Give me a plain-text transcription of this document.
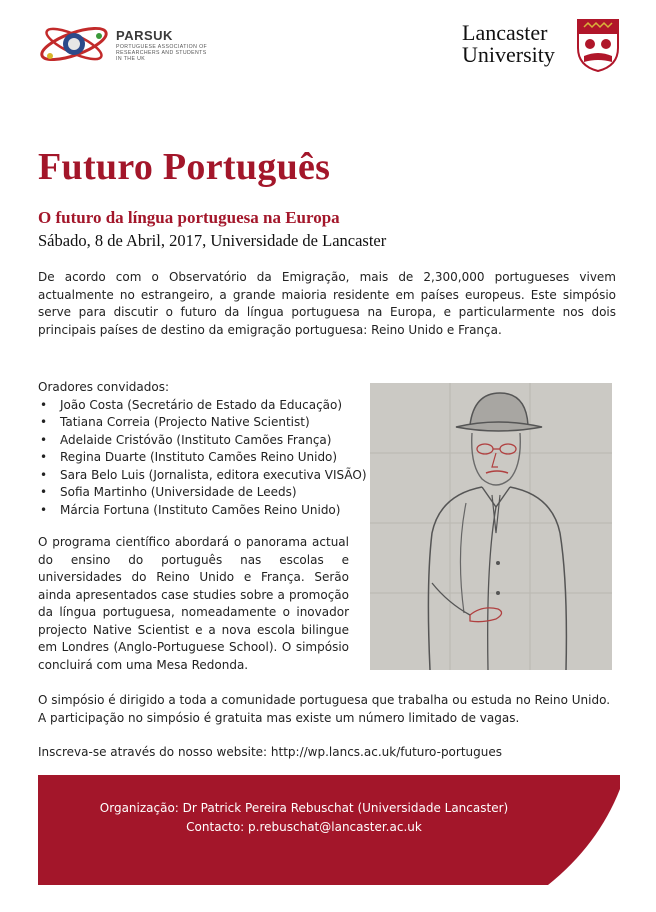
PARSUK
PORTUGUESE ASSOCIATION OF RESEARCHERS AND STUDENTS IN THE UK
Lancaster
University
Futuro Português
O futuro da língua portuguesa na Europa
Sábado, 8 de Abril, 2017, Universidade de Lancaster
De acordo com o Observatório da Emigração, mais de 2,300,000 portugueses vivem actualmente no estrangeiro, a grande maioria residente em países europeus. Este simpósio serve para discutir o futuro da língua portuguesa na Europa, e particularmente nos dois principais países de destino da emigração portuguesa: Reino Unido e França.
Oradores convidados:
• João Costa (Secretário de Estado da Educação)
• Tatiana Correia (Projecto Native Scientist)
• Adelaide Cristóvão (Instituto Camões França)
• Regina Duarte (Instituto Camões Reino Unido)
• Sara Belo Luis (Jornalista, editora executiva VISÃO)
• Sofia Martinho (Universidade de Leeds)
• Márcia Fortuna (Instituto Camões Reino Unido)
O programa científico abordará o panorama actual do ensino do português nas escolas e universidades do Reino Unido e França. Serão ainda apresentados case studies sobre a promoção da língua portuguesa, nomeadamente o inovador projecto Native Scientist e a nova escola bilingue em Londres (Anglo-Portuguese School). O simpósio concluirá com uma Mesa Redonda.
O simpósio é dirigido a toda a comunidade portuguesa que trabalha ou estuda no Reino Unido. A participação no simpósio é gratuita mas existe um número limitado de vagas.
Inscreva-se através do nosso website: http://wp.lancs.ac.uk/futuro-portugues
Organização: Dr Patrick Pereira Rebuschat (Universidade Lancaster)
Contacto: p.rebuschat@lancaster.ac.uk
